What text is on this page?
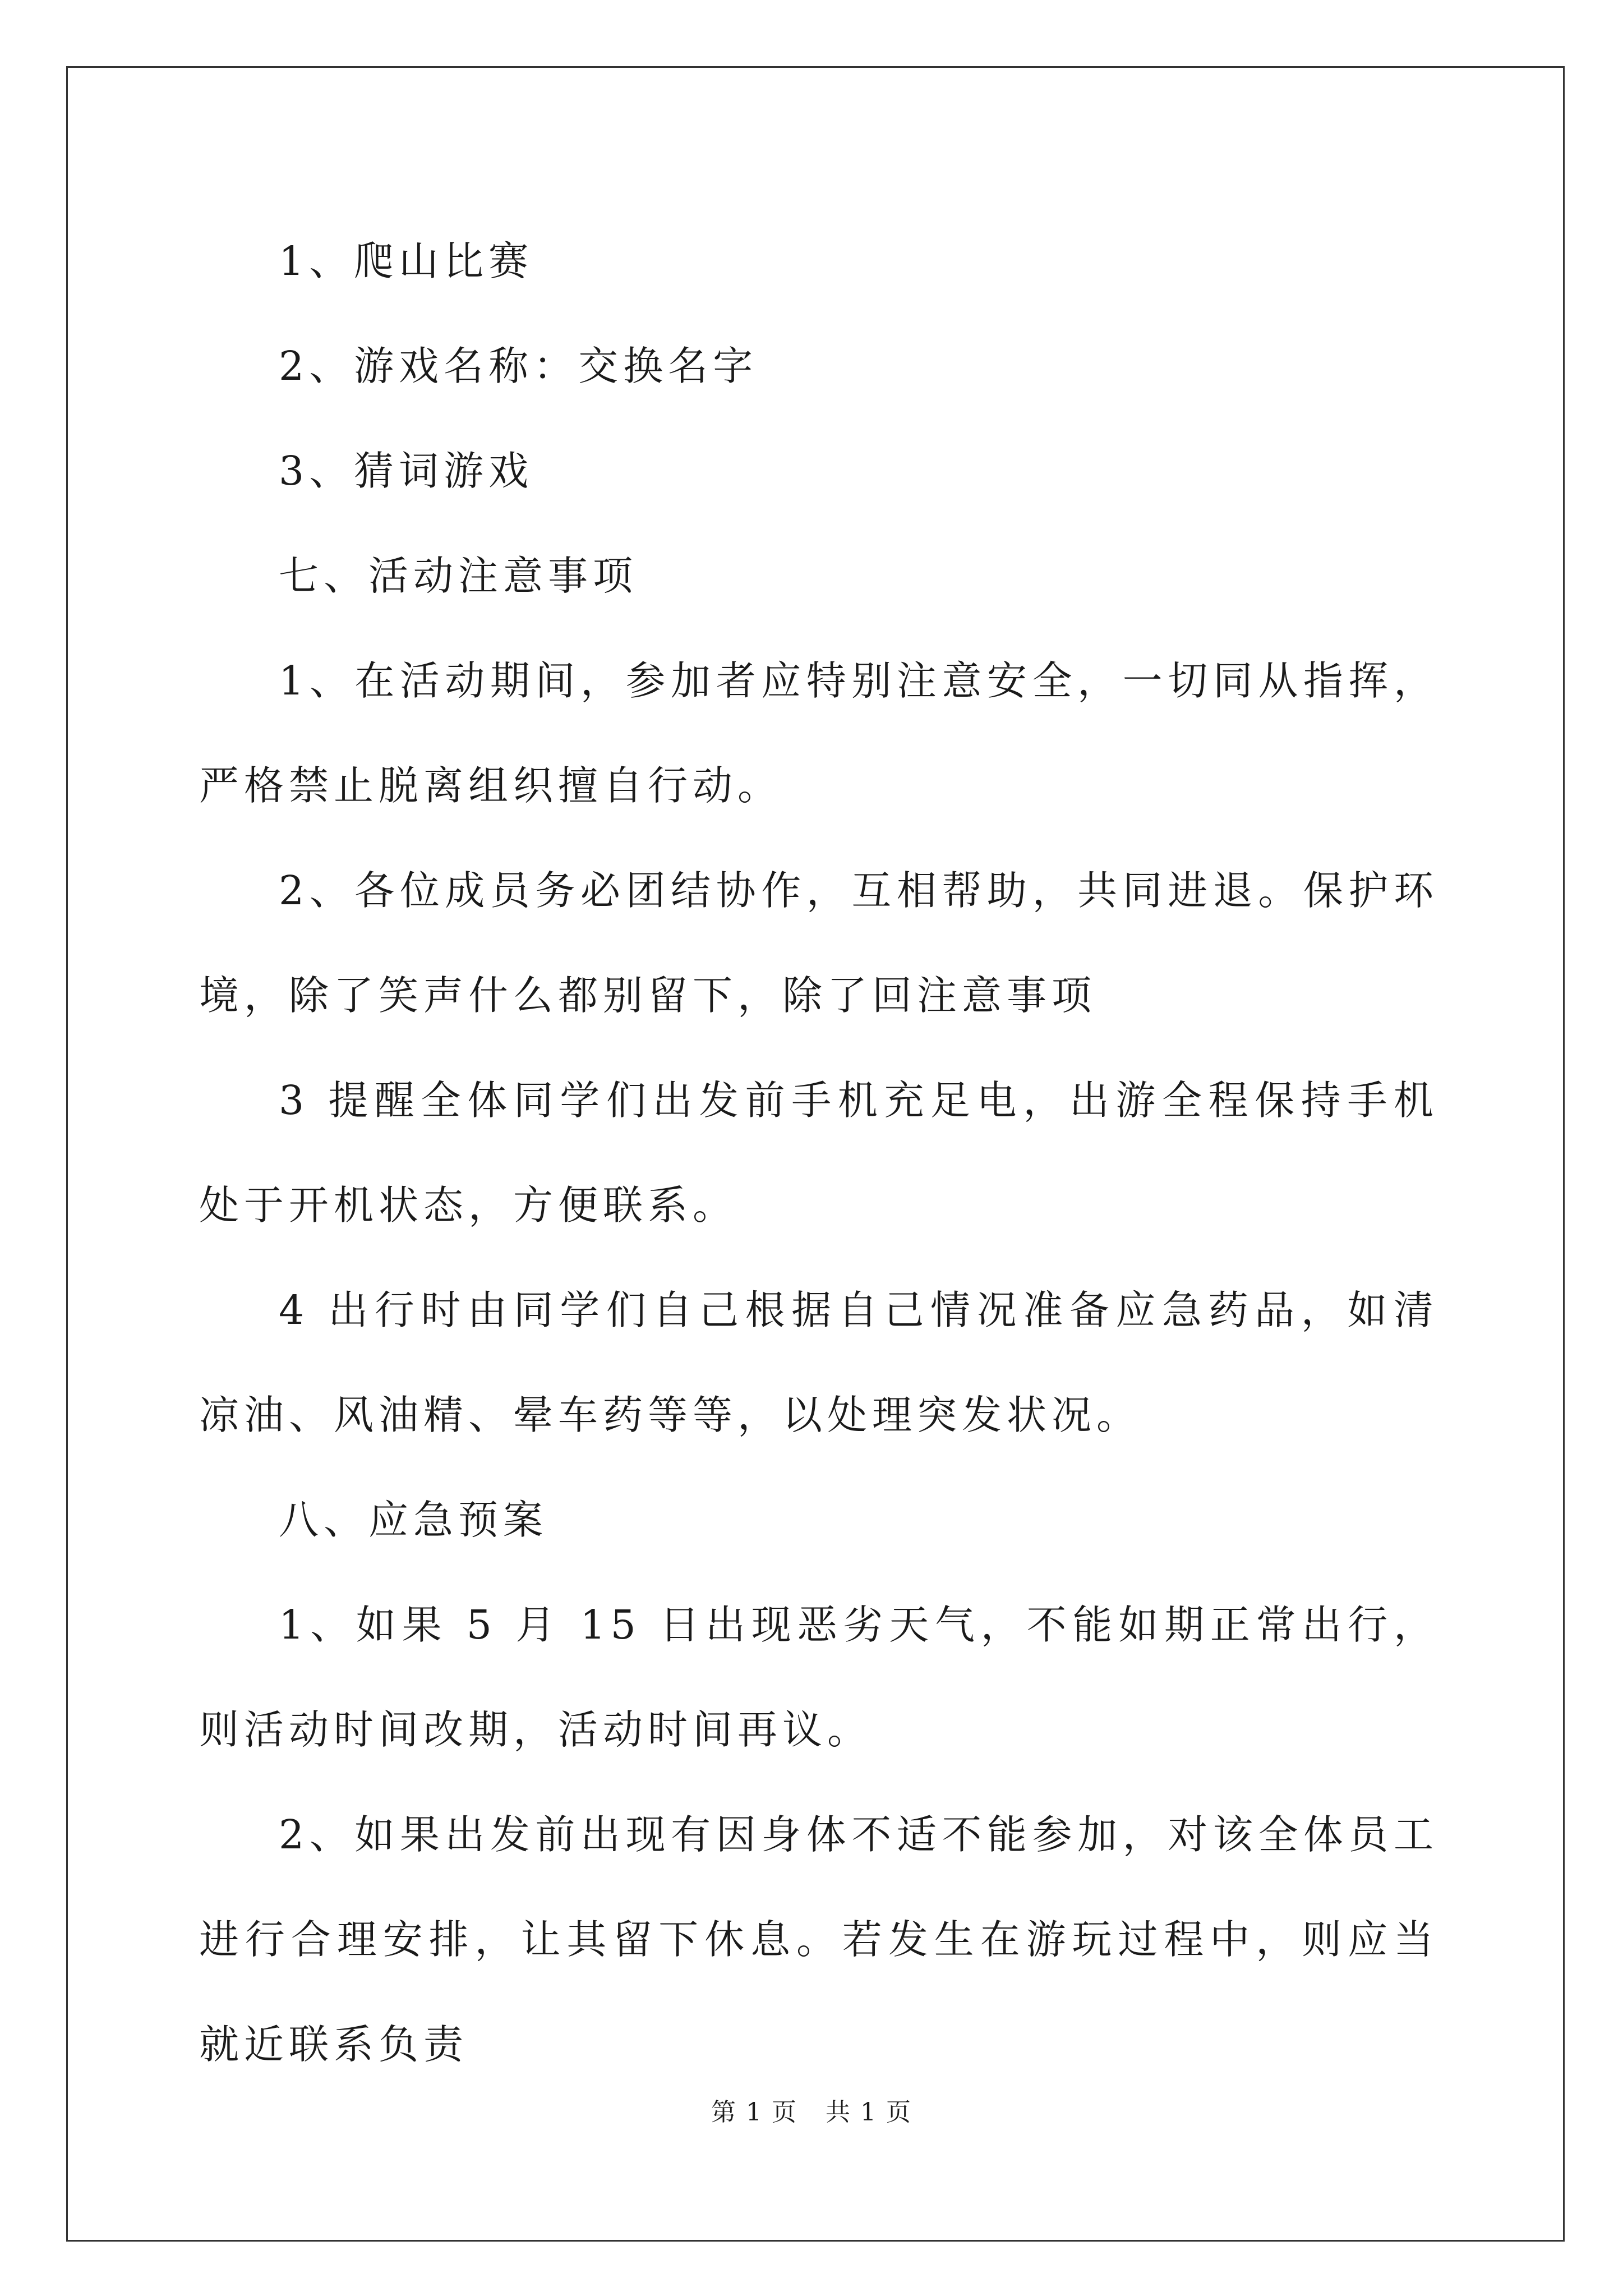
1、爬山比赛

2、游戏名称：交换名字

3、猜词游戏

七、活动注意事项

1、在活动期间，参加者应特别注意安全，一切同从指挥，严格禁止脱离组织擅自行动。

2、各位成员务必团结协作，互相帮助，共同进退。保护环境，除了笑声什么都别留下，除了回注意事项

3 提醒全体同学们出发前手机充足电，出游全程保持手机处于开机状态，方便联系。

4 出行时由同学们自己根据自己情况准备应急药品，如清凉油、风油精、晕车药等等，以处理突发状况。

八、应急预案

1、如果 5 月 15 日出现恶劣天气，不能如期正常出行，则活动时间改期，活动时间再议。

2、如果出发前出现有因身体不适不能参加，对该全体员工进行合理安排，让其留下休息。若发生在游玩过程中，则应当就近联系负责

第 1 页 共 1 页
